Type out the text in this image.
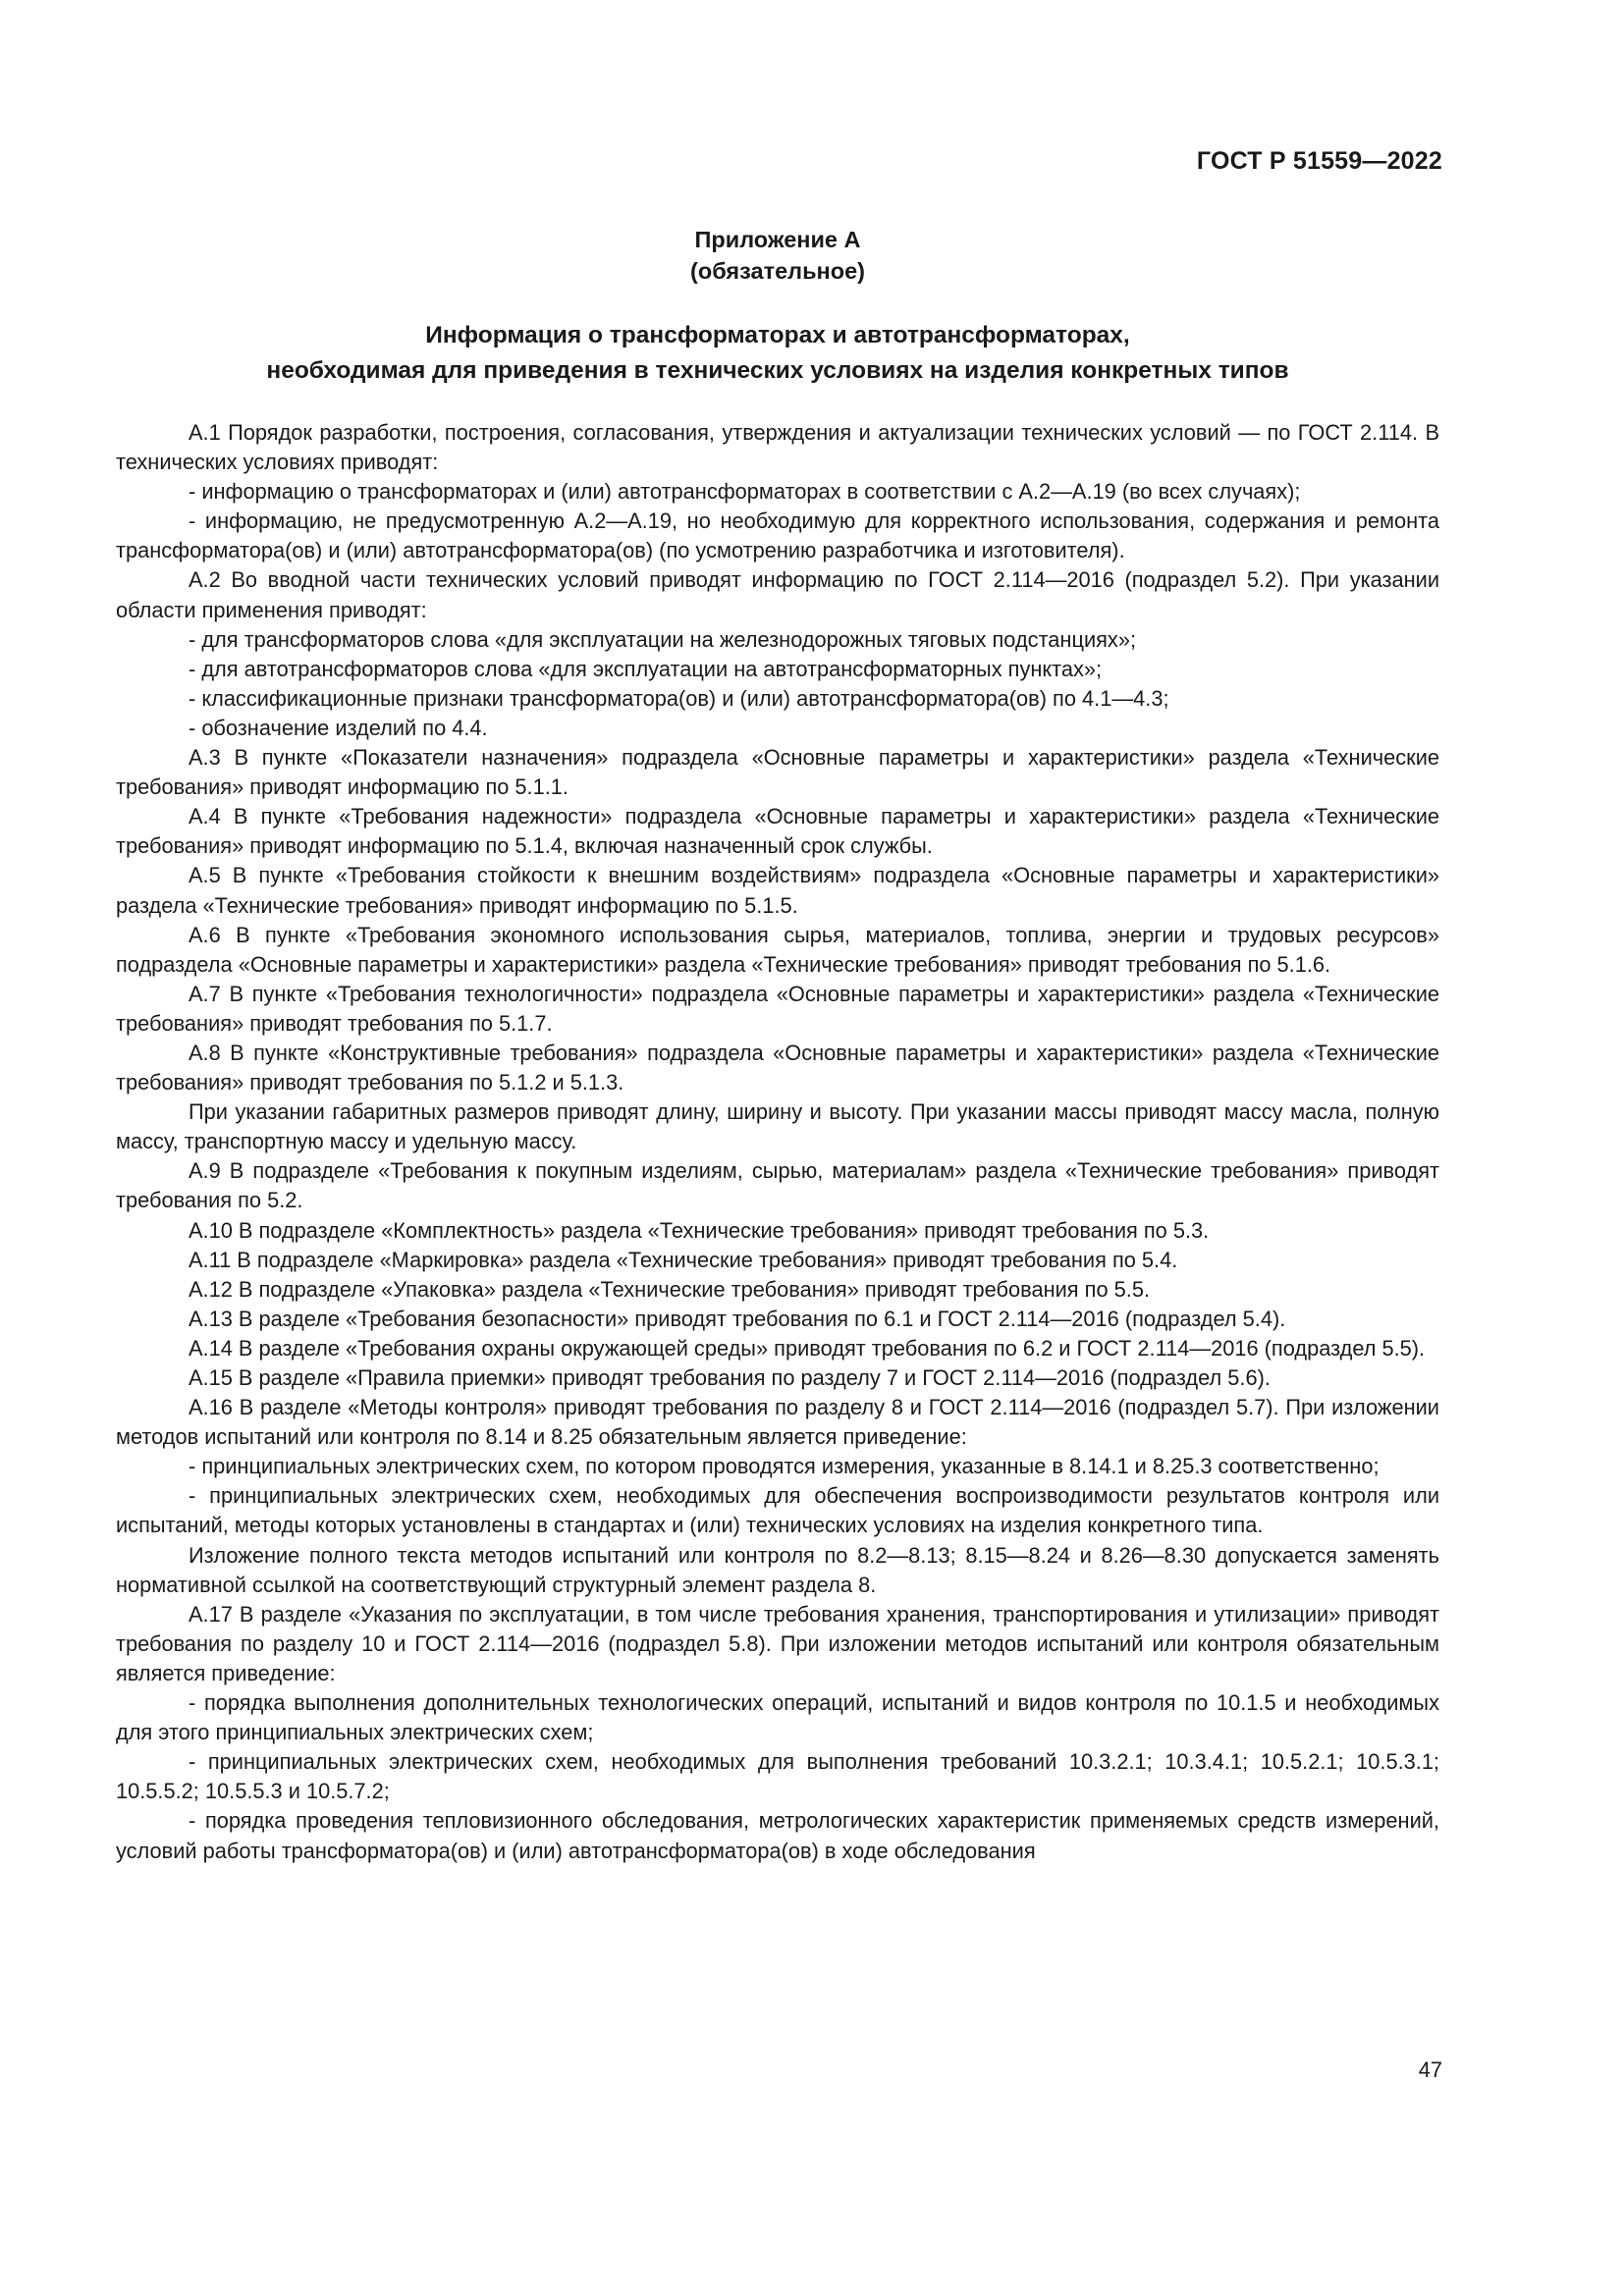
ГОСТ Р 51559—2022
Приложение А
(обязательное)
Информация о трансформаторах и автотрансформаторах,
необходимая для приведения в технических условиях на изделия конкретных типов

А.1 Порядок разработки, построения, согласования, утверждения и актуализации технических условий — по ГОСТ 2.114. В технических условиях приводят:

- информацию о трансформаторах и (или) автотрансформаторах в соответствии с А.2—А.19 (во всех случаях);

- информацию, не предусмотренную А.2—А.19, но необходимую для корректного использования, содержания и ремонта трансформатора(ов) и (или) автотрансформатора(ов) (по усмотрению разработчика и изготовителя).

А.2 Во вводной части технических условий приводят информацию по ГОСТ 2.114—2016 (подраздел 5.2). При указании области применения приводят:

- для трансформаторов слова «для эксплуатации на железнодорожных тяговых подстанциях»;

- для автотрансформаторов слова «для эксплуатации на автотрансформаторных пунктах»;

- классификационные признаки трансформатора(ов) и (или) автотрансформатора(ов) по 4.1—4.3;

- обозначение изделий по 4.4.

А.3 В пункте «Показатели назначения» подраздела «Основные параметры и характеристики» раздела «Технические требования» приводят информацию по 5.1.1.

А.4 В пункте «Требования надежности» подраздела «Основные параметры и характеристики» раздела «Технические требования» приводят информацию по 5.1.4, включая назначенный срок службы.

А.5 В пункте «Требования стойкости к внешним воздействиям» подраздела «Основные параметры и характеристики» раздела «Технические требования» приводят информацию по 5.1.5.

А.6 В пункте «Требования экономного использования сырья, материалов, топлива, энергии и трудовых ресурсов» подраздела «Основные параметры и характеристики» раздела «Технические требования» приводят требования по 5.1.6.

А.7 В пункте «Требования технологичности» подраздела «Основные параметры и характеристики» раздела «Технические требования» приводят требования по 5.1.7.

А.8 В пункте «Конструктивные требования» подраздела «Основные параметры и характеристики» раздела «Технические требования» приводят требования по 5.1.2 и 5.1.3.

При указании габаритных размеров приводят длину, ширину и высоту. При указании массы приводят массу масла, полную массу, транспортную массу и удельную массу.

А.9 В подразделе «Требования к покупным изделиям, сырью, материалам» раздела «Технические требования» приводят требования по 5.2.

А.10 В подразделе «Комплектность» раздела «Технические требования» приводят требования по 5.3.

А.11 В подразделе «Маркировка» раздела «Технические требования» приводят требования по 5.4.

А.12 В подразделе «Упаковка» раздела «Технические требования» приводят требования по 5.5.

А.13 В разделе «Требования безопасности» приводят требования по 6.1 и ГОСТ 2.114—2016 (подраздел 5.4).

А.14 В разделе «Требования охраны окружающей среды» приводят требования по 6.2 и ГОСТ 2.114—2016 (подраздел 5.5).

А.15 В разделе «Правила приемки» приводят требования по разделу 7 и ГОСТ 2.114—2016 (подраздел 5.6).

А.16 В разделе «Методы контроля» приводят требования по разделу 8 и ГОСТ 2.114—2016 (подраздел 5.7). При изложении методов испытаний или контроля по 8.14 и 8.25 обязательным является приведение:

- принципиальных электрических схем, по котором проводятся измерения, указанные в 8.14.1 и 8.25.3 соответственно;

- принципиальных электрических схем, необходимых для обеспечения воспроизводимости результатов контроля или испытаний, методы которых установлены в стандартах и (или) технических условиях на изделия конкретного типа.

Изложение полного текста методов испытаний или контроля по 8.2—8.13; 8.15—8.24 и 8.26—8.30 допускается заменять нормативной ссылкой на соответствующий структурный элемент раздела 8.

А.17 В разделе «Указания по эксплуатации, в том числе требования хранения, транспортирования и утилизации» приводят требования по разделу 10 и ГОСТ 2.114—2016 (подраздел 5.8). При изложении методов испытаний или контроля обязательным является приведение:

- порядка выполнения дополнительных технологических операций, испытаний и видов контроля по 10.1.5 и необходимых для этого принципиальных электрических схем;

- принципиальных электрических схем, необходимых для выполнения требований 10.3.2.1; 10.3.4.1; 10.5.2.1; 10.5.3.1; 10.5.5.2; 10.5.5.3 и 10.5.7.2;

- порядка проведения тепловизионного обследования, метрологических характеристик применяемых средств измерений, условий работы трансформатора(ов) и (или) автотрансформатора(ов) в ходе обследования

47
